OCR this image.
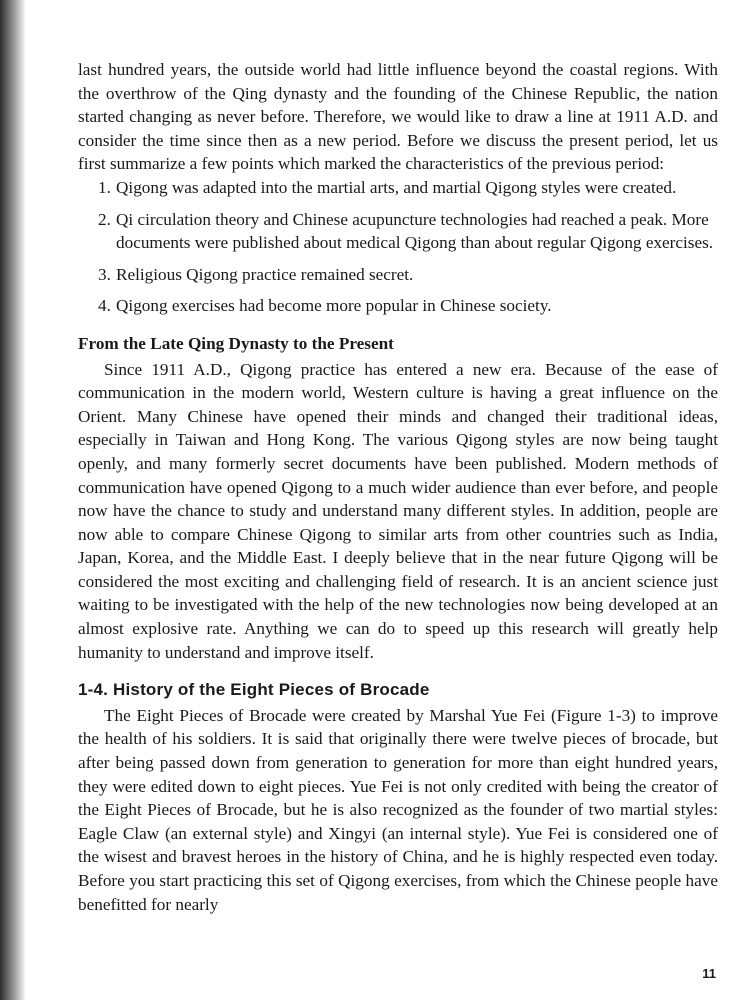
last hundred years, the outside world had little influence beyond the coastal regions. With the overthrow of the Qing dynasty and the founding of the Chinese Republic, the nation started changing as never before. Therefore, we would like to draw a line at 1911 A.D. and consider the time since then as a new period. Before we discuss the present period, let us first summarize a few points which marked the characteristics of the previous period:

1. Qigong was adapted into the martial arts, and martial Qigong styles were created.
2. Qi circulation theory and Chinese acupuncture technologies had reached a peak. More documents were published about medical Qigong than about regular Qigong exercises.
3. Religious Qigong practice remained secret.
4. Qigong exercises had become more popular in Chinese society.
From the Late Qing Dynasty to the Present

Since 1911 A.D., Qigong practice has entered a new era. Because of the ease of communication in the modern world, Western culture is having a great influence on the Orient. Many Chinese have opened their minds and changed their traditional ideas, especially in Taiwan and Hong Kong. The various Qigong styles are now being taught openly, and many formerly secret documents have been published. Modern methods of communication have opened Qigong to a much wider audience than ever before, and people now have the chance to study and understand many different styles. In addition, people are now able to compare Chinese Qigong to similar arts from other countries such as India, Japan, Korea, and the Middle East. I deeply believe that in the near future Qigong will be considered the most exciting and challenging field of research. It is an ancient science just waiting to be investigated with the help of the new technologies now being developed at an almost explosive rate. Anything we can do to speed up this research will greatly help humanity to understand and improve itself.

1-4. History of the Eight Pieces of Brocade

The Eight Pieces of Brocade were created by Marshal Yue Fei (Figure 1-3) to improve the health of his soldiers. It is said that originally there were twelve pieces of brocade, but after being passed down from generation to generation for more than eight hundred years, they were edited down to eight pieces. Yue Fei is not only credited with being the creator of the Eight Pieces of Brocade, but he is also recognized as the founder of two martial styles: Eagle Claw (an external style) and Xingyi (an internal style). Yue Fei is considered one of the wisest and bravest heroes in the history of China, and he is highly respected even today. Before you start practicing this set of Qigong exercises, from which the Chinese people have benefitted for nearly

11
